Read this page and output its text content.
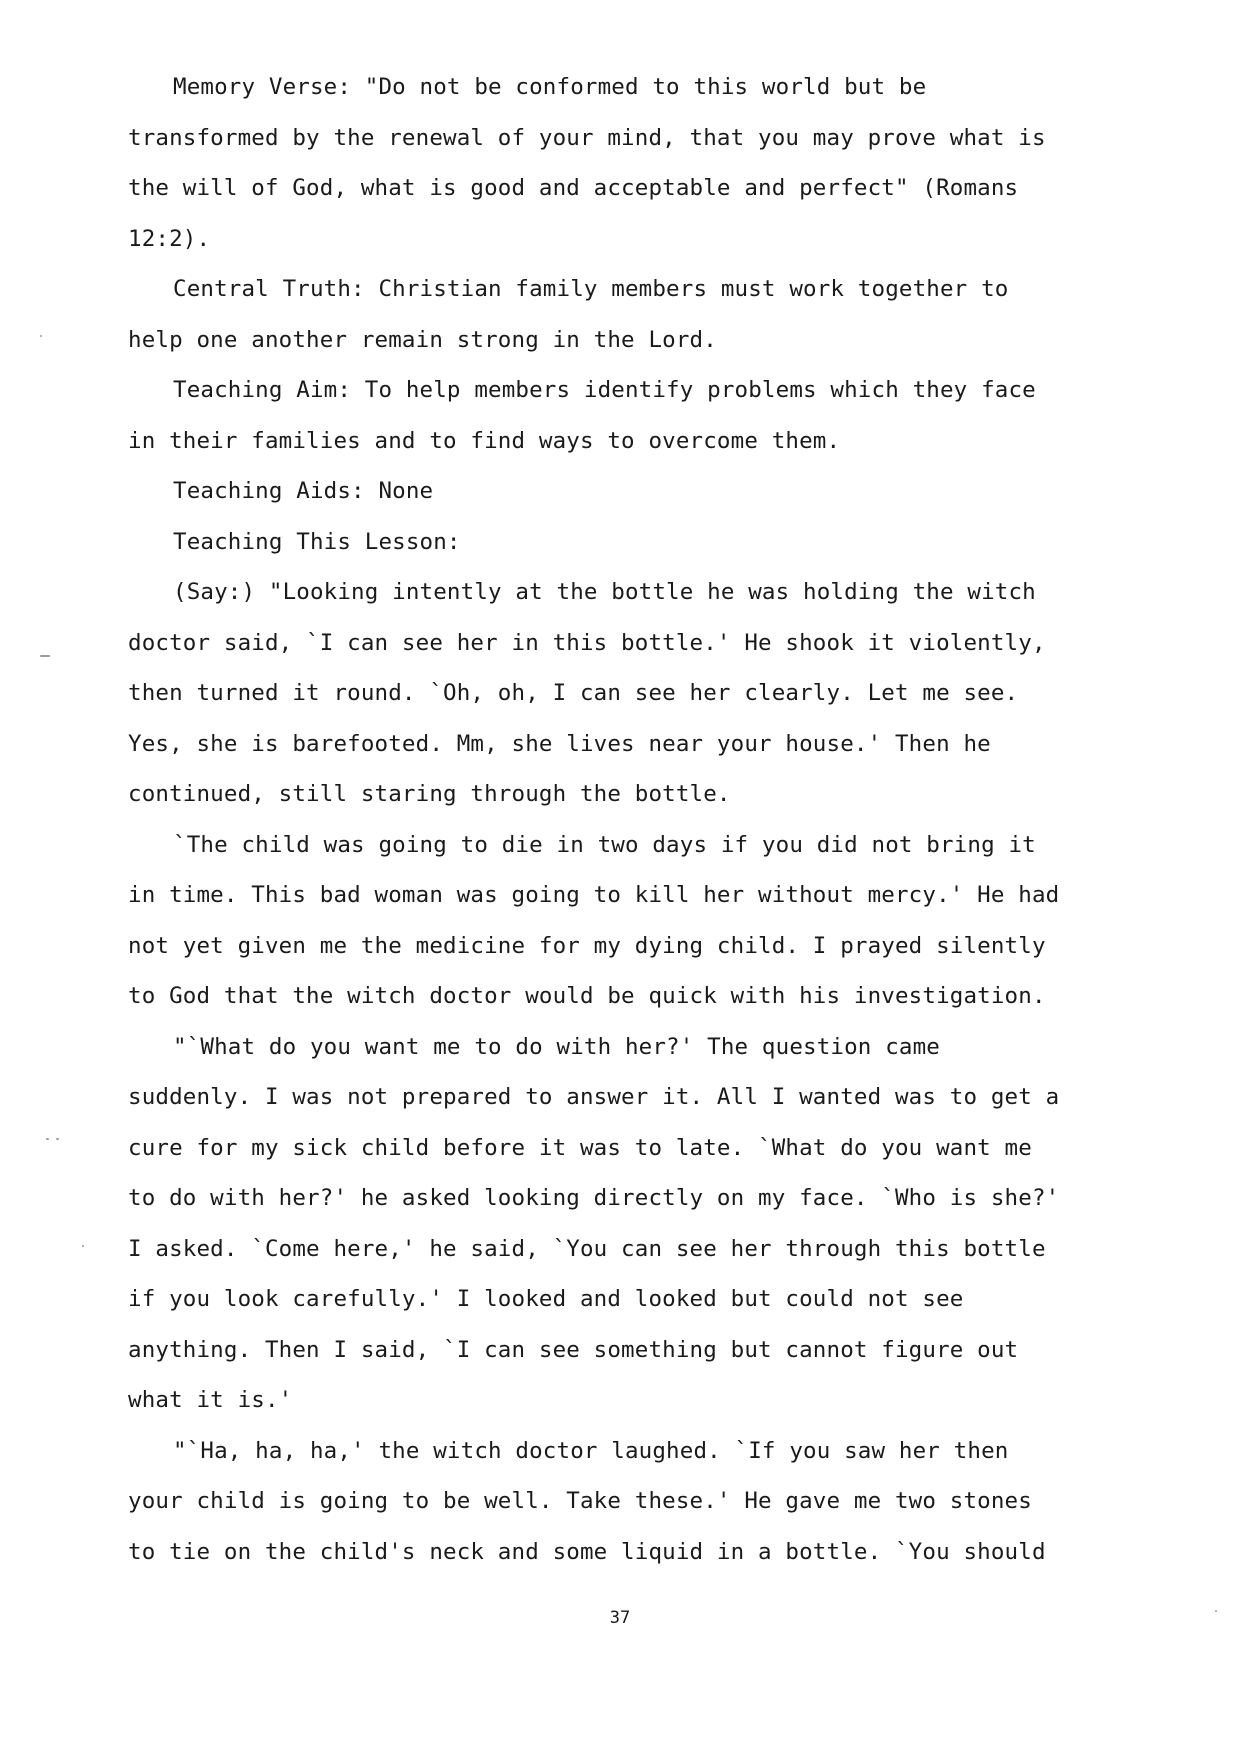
Memory Verse: "Do not be conformed to this world but be
transformed by the renewal of your mind, that you may prove what is
the will of God, what is good and acceptable and perfect" (Romans
12:2).
Central Truth: Christian family members must work together to
help one another remain strong in the Lord.
Teaching Aim: To help members identify problems which they face
in their families and to find ways to overcome them.
Teaching Aids: None
Teaching This Lesson:
(Say:) "Looking intently at the bottle he was holding the witch
doctor said, `I can see her in this bottle.' He shook it violently,
then turned it round. `Oh, oh, I can see her clearly. Let me see.
Yes, she is barefooted. Mm, she lives near your house.' Then he
continued, still staring through the bottle.
`The child was going to die in two days if you did not bring it
in time. This bad woman was going to kill her without mercy.' He had
not yet given me the medicine for my dying child. I prayed silently
to God that the witch doctor would be quick with his investigation.
"`What do you want me to do with her?' The question came
suddenly. I was not prepared to answer it. All I wanted was to get a
cure for my sick child before it was to late. `What do you want me
to do with her?' he asked looking directly on my face. `Who is she?'
I asked. `Come here,' he said, `You can see her through this bottle
if you look carefully.' I looked and looked but could not see
anything. Then I said, `I can see something but cannot figure out
what it is.'
"`Ha, ha, ha,' the witch doctor laughed. `If you saw her then
your child is going to be well. Take these.' He gave me two stones
to tie on the child's neck and some liquid in a bottle. `You should
37
